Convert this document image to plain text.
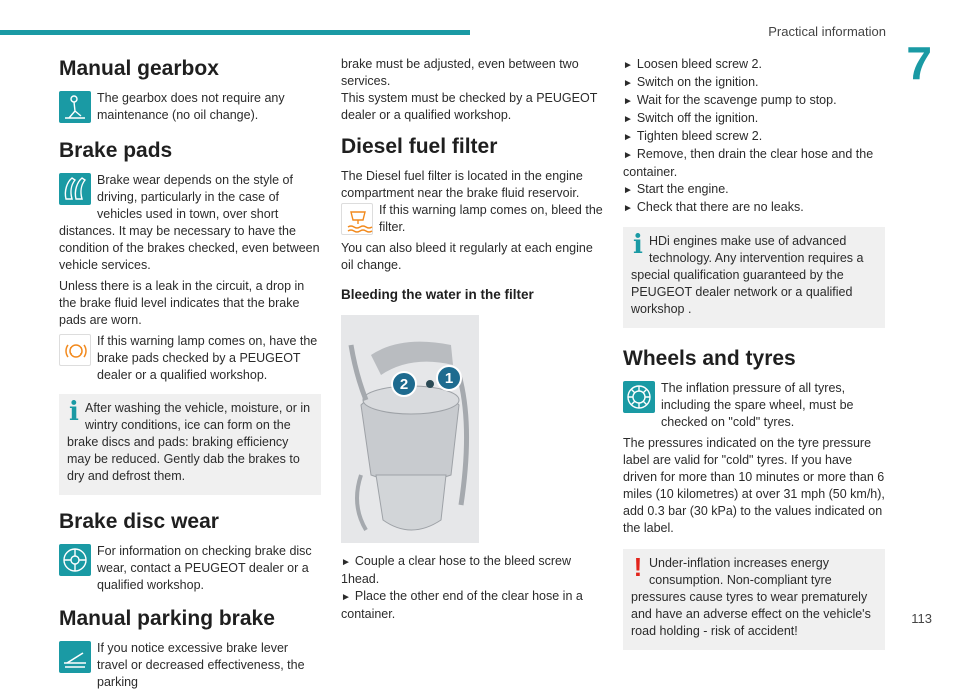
Practical information
7
113
Manual gearbox

The gearbox does not require any maintenance (no oil change).

Brake pads

Brake wear depends on the style of driving, particularly in the case of vehicles used in town, over short distances. It may be necessary to have the condition of the brakes checked, even between vehicle services.

Unless there is a leak in the circuit, a drop in the brake fluid level indicates that the brake pads are worn.

If this warning lamp comes on, have the brake pads checked by a PEUGEOT dealer or a qualified workshop.

i After washing the vehicle, moisture, or in wintry conditions, ice can form on the brake discs and pads: braking efficiency may be reduced. Gently dab the brakes to dry and defrost them.

Brake disc wear

For information on checking brake disc wear, contact a PEUGEOT dealer or a qualified workshop.

Manual parking brake

If you notice excessive brake lever travel or decreased effectiveness, the parking

brake must be adjusted, even between two services.

This system must be checked by a PEUGEOT dealer or a qualified workshop.

Diesel fuel filter

The Diesel fuel filter is located in the engine compartment near the brake fluid reservoir.

If this warning lamp comes on, bleed the filter.

You can also bleed it regularly at each engine oil change.

Bleeding the water in the filter
1
2

► Couple a clear hose to the bleed screw 1head.

► Place the other end of the clear hose in a container.

► Loosen bleed screw 2.

► Switch on the ignition.

► Wait for the scavenge pump to stop.

► Switch off the ignition.

► Tighten bleed screw 2.

► Remove, then drain the clear hose and the container.

► Start the engine.

► Check that there are no leaks.

i HDi engines make use of advanced technology. Any intervention requires a special qualification guaranteed by the PEUGEOT dealer network or a qualified workshop .

Wheels and tyres

The inflation pressure of all tyres, including the spare wheel, must be checked on "cold" tyres.

The pressures indicated on the tyre pressure label are valid for "cold" tyres. If you have driven for more than 10 minutes or more than 6 miles (10 kilometres) at over 31 mph (50 km/h), add 0.3 bar (30 kPa) to the values indicated on the label.

! Under-inflation increases energy consumption. Non-compliant tyre pressures cause tyres to wear prematurely and have an adverse effect on the vehicle's road holding - risk of accident!
